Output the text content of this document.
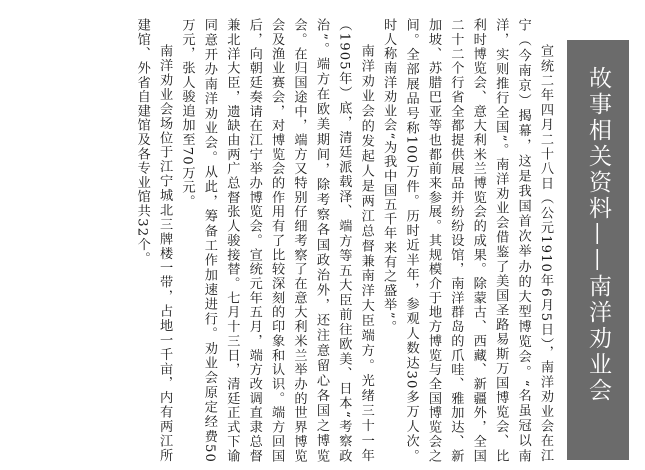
宣统二年四月二十八日（公元1910年6月5日），南洋劝业会在江宁（今南京）揭幕，这是我国首次举办的大型博览会。“名虽冠以南洋，实则推行全国”。南洋劝业会借鉴了美国圣路易斯万国博览会、比利时博览会、意大利米兰博览会的成果。除蒙古、西藏、新疆外，全国二十二个行省全都提供展品并纷纷设馆，南洋群岛的爪哇、雅加达、新加坡、苏腊巴亚等也都前来参展。其规模介于地方博览与全国博览会之间。全部展品号称100万件。历时近半年，参观人数达30多万人次。时人称南洋劝业会“为我中国五千年来有之盛举”。
南洋劝业会的发起人是两江总督兼南洋大臣端方。光绪三十一年（1905年）底，清廷派载泽、端方等五大臣前往欧美、日本“考察政治”。端方在欧美期间，除考察各国政治外，还注意留心各国之博览会。在归国途中，端方又特别仔细考察了在意大利米兰举办的世界博览会及渔业赛会，对博览会的作用有了比较深刻的印象和认识。端方回国后，向朝廷奏请在江宁举办博览会。宣统元年五月，端方改调直隶总督兼北洋大臣，遗缺由两广总督张人骏接替。七月十三日，清廷正式下谕同意开办南洋劝业会。从此，筹备工作加速进行。劝业会原定经费50万元，张人骏追加至70万元。
南洋劝业会场位于江宁城北三牌楼一带，占地一千亩，内有两江所建馆、外省自建馆及各专业馆共32个。	故事相关资料——南洋劝业会
